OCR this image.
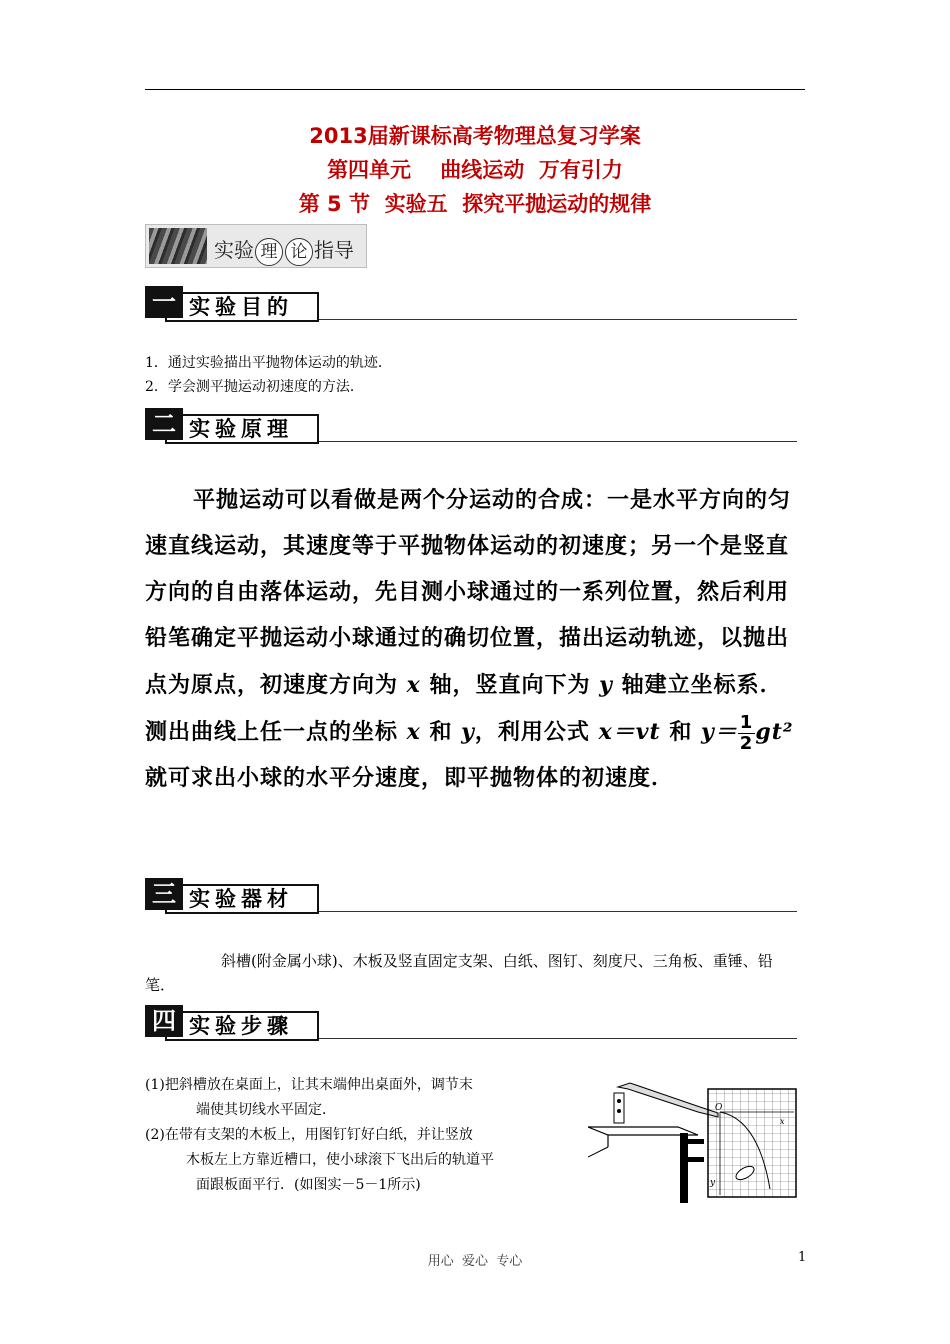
2013届新课标高考物理总复习学案
第四单元    曲线运动  万有引力
第 5 节  实验五  探究平抛运动的规律
实验 理 论 指导
实验目的
一
1．通过实验描出平抛物体运动的轨迹．
2．学会测平抛运动初速度的方法．
实验原理
二
平抛运动可以看做是两个分运动的合成：一是水平方向的匀速直线运动，其速度等于平抛物体运动的初速度；另一个是竖直方向的自由落体运动，先目测小球通过的一系列位置，然后利用铅笔确定平抛运动小球通过的确切位置，描出运动轨迹，以抛出点为原点，初速度方向为 x 轴，竖直向下为 y 轴建立坐标系．测出曲线上任一点的坐标 x 和 y，利用公式 x＝vt 和 $y= \frac{1}{2} gt^2$就可求出小球的水平分速度，即平抛物体的初速度．
实验器材
三
斜槽(附金属小球)、木板及竖直固定支架、白纸、图钉、刻度尺、三角板、重锤、铅
笔．
实验步骤
四
(1)把斜槽放在桌面上，让其末端伸出桌面外，调节末
端使其切线水平固定．
(2)在带有支架的木板上，用图钉钉好白纸，并让竖放
木板左上方靠近槽口，使小球滚下飞出后的轨道平
面跟板面平行．(如图实－5－1所示)
O
x
y
用心  爱心  专心	1
